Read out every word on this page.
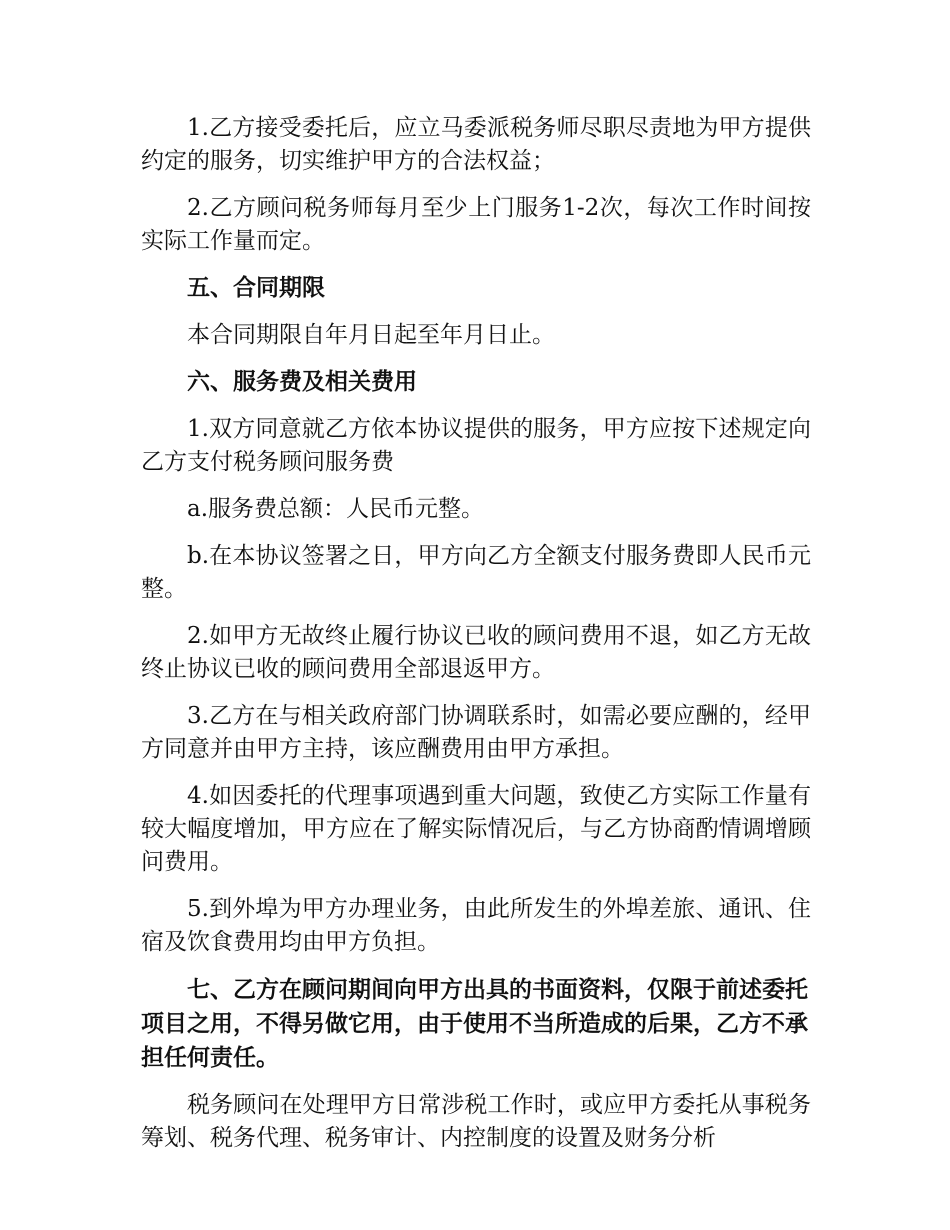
1.乙方接受委托后，应立马委派税务师尽职尽责地为甲方提供约定的服务，切实维护甲方的合法权益；

2.乙方顾问税务师每月至少上门服务1-2次，每次工作时间按实际工作量而定。

五、合同期限

本合同期限自年月日起至年月日止。

六、服务费及相关费用

1.双方同意就乙方依本协议提供的服务，甲方应按下述规定向乙方支付税务顾问服务费

a.服务费总额：人民币元整。

b.在本协议签署之日，甲方向乙方全额支付服务费即人民币元整。

2.如甲方无故终止履行协议已收的顾问费用不退，如乙方无故终止协议已收的顾问费用全部退返甲方。

3.乙方在与相关政府部门协调联系时，如需必要应酬的，经甲方同意并由甲方主持，该应酬费用由甲方承担。

4.如因委托的代理事项遇到重大问题，致使乙方实际工作量有较大幅度增加，甲方应在了解实际情况后，与乙方协商酌情调增顾问费用。

5.到外埠为甲方办理业务，由此所发生的外埠差旅、通讯、住宿及饮食费用均由甲方负担。

七、乙方在顾问期间向甲方出具的书面资料，仅限于前述委托项目之用，不得另做它用，由于使用不当所造成的后果，乙方不承担任何责任。

税务顾问在处理甲方日常涉税工作时，或应甲方委托从事税务筹划、税务代理、税务审计、内控制度的设置及财务分析
